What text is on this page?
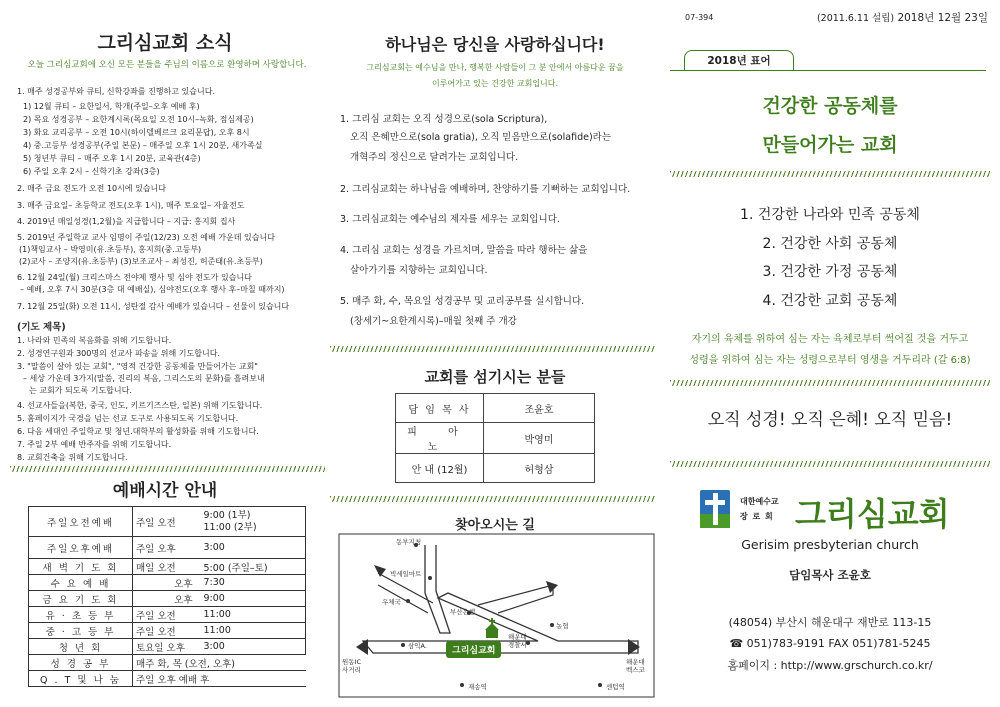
그리심교회 소식
오늘 그리심교회에 오신 모든 분들을 주님의 이름으로 환영하며 사랑합니다.
1. 매주 성경공부와 큐티, 신학강좌를 진행하고 있습니다.
1) 12월 큐티 – 요한일서, 학개(주일–오후 예배 후)
2) 목요 성경공부 – 요한계시록(목요일 오전 10시–녹화, 점심제공)
3) 화요 교리공부 – 오전 10시(하이델베르크 요리문답), 오후 8시
4) 중.고등부 성경공부(주일 본문) – 매주일 오후 1시 20분, 새가족실
5) 청년부 큐티 – 매주 오후 1시 20분, 교육관(4층)
6) 주일 오후 2시 – 신학기초 강좌(3층)
2. 매주 금요 전도가 오전 10시에 있습니다
3. 매주 금요일– 초등학교 전도(오후 1시), 매주 토요일– 자율전도
4. 2019년 매일성경(1,2월)을 지급합니다 – 지급: 홍지회 집사
5. 2019년 주일학교 교사 임명이 주일(12/23) 오전 예배 가운데 있습니다
(1)책임교사 – 박영미(유.초등부), 홍지희(중.고등부)
(2)교사 – 조양지(유.초등부) (3)보조교사 – 최성진, 허준태(유.초등부)
6. 12월 24일(월) 크리스마스 전야제 행사 및 심야 전도가 있습니다
– 예배, 오후 7시 30분(3층 대 예배실), 심야전도(오후 행사 후–마칠 때까지)
7. 12월 25일(화) 오전 11시, 성탄절 감사 예배가 있습니다 – 선물이 있습니다
(기도 제목)
1. 나라와 민족의 복음화를 위해 기도합니다.
2. 성경연구원과 300명의 선교사 파송을 위해 기도합니다.
3. "말씀이 살아 있는 교회", "영적 건강한 공동체를 만들어가는 교회"
– 세상 가운데 3가지(말씀, 진리의 복음, 그리스도의 문화)를 흘려보내
는 교회가 되도록 기도합니다.
4. 선교사들을(복한, 중국, 인도, 키르기즈스탄, 일본) 위해 기도합니다.
5. 홈페이지가 국경을 넘는 선교 도구로 사용되도록 기도합니다.
6. 다음 세대인 주일학교 및 청년.대학부의 활성화를 위해 기도합니다.
7. 주일 2부 예배 반주자를 위해 기도합니다.
8. 교회건축을 위해 기도합니다.
예배시간 안내
주일오전예배	주일 오전	9:00 (1부)
11:00 (2부)
주일오후예배	주일 오후	3:00
새 벽 기 도 회	매일 오전	5:00 (주일–토)
수 요 예 배	오후	7:30
금 요 기 도 회	오후	9:00
유 · 초 등 부	주일 오전	11:00
중 · 고 등 부	주일 오전	11:00
청 년 회	토요일 오후	3:00
성 경 공 부	매주 화, 목 (오전, 오후)	
Q . T 및 나 눔	주일 오후 예배 후	
하나님은 당신을 사랑하십니다!
그리심교회는 예수님을 만나, 행복한 사람들이 그 분 안에서 아름다운 꿈을
이루어가고 있는 건강한 교회입니다.
1. 그리심 교회는 오직 성경으로(sola Scriptura),
오직 은혜만으로(sola gratia), 오직 믿음만으로(solafide)라는
개혁주의 정신으로 달려가는 교회입니다.
2. 그리심교회는 하나님을 예배하며, 찬양하기를 기뻐하는 교회입니다.
3. 그리심교회는 예수님의 제자를 세우는 교회입니다.
4. 그리심 교회는 성경을 가르치며, 말씀을 따라 행하는 삶을
살아가기를 지향하는 교회입니다.
5. 매주 화, 수, 목요일 성경공부 및 교리공부를 실시합니다.
(창세기~요한계시록)–매월 첫째 주 개강
교회를 섬기시는 분들
담 임 목 사	조윤호
피 아 노	박영미
안 내 (12월)	허형삼
찾아오시는 길
동부지청
빅세일마트
우체국
부산은행
농협
해운대
경찰서
삼익A.
원동IC
사거리
해운대
벡스코
재송역	센텀역
그리심교회
07-394	(2011.6.11 설립) 2018년 12월 23일
2018년 표어
건강한 공동체를
만들어가는 교회
1. 건강한 나라와 민족 공동체
2. 건강한 사회 공동체
3. 건강한 가정 공동체
4. 건강한 교회 공동체
자기의 육체를 위하여 심는 자는 육체로부터 썩어질 것을 거두고
성령을 위하여 심는 자는 성령으로부터 영생을 거두리라 (갈 6:8)
오직 성경! 오직 은혜! 오직 믿음!
대한예수교
장 로 회 그리심교회
Gerisim presbyterian church
담임목사 조윤호
(48054) 부산시 해운대구 재반로 113-15
☎ 051)783-9191 FAX 051)781-5245
홈페이지 : http://www.grschurch.co.kr/
